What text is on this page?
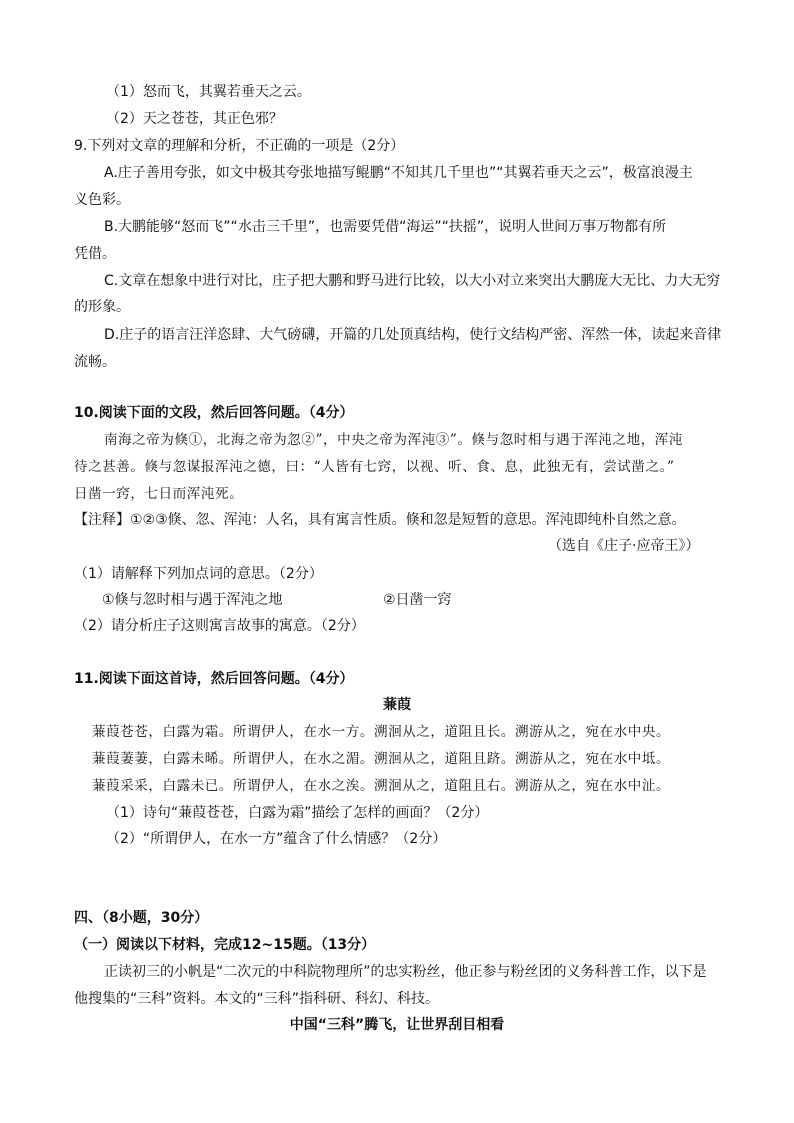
（1）怒而飞，其翼若垂天之云。
（2）天之苍苍，其正色邪？
9.下列对文章的理解和分析，不正确的一项是（2分）
A.庄子善用夸张，如文中极其夸张地描写鲲鹏“不知其几千里也”“其翼若垂天之云”，极富浪漫主
义色彩。
B.大鹏能够“怒而飞”“水击三千里”，也需要凭借“海运”“扶摇”，说明人世间万事万物都有所
凭借。
C.文章在想象中进行对比，庄子把大鹏和野马进行比较，以大小对立来突出大鹏庞大无比、力大无穷
的形象。
D.庄子的语言汪洋恣肆、大气磅礴，开篇的几处顶真结构，使行文结构严密、浑然一体，读起来音律
流畅。
10.阅读下面的文段，然后回答问题。（4分）
南海之帝为倏①，北海之帝为忽②”，中央之帝为浑沌③”。倏与忽时相与遇于浑沌之地，浑沌
待之甚善。倏与忽谋报浑沌之德，曰：“人皆有七窍，以视、听、食、息，此独无有，尝试凿之。”
日凿一窍，七日而浑沌死。
【注释】①②③倏、忽、浑沌：人名，具有寓言性质。倏和忽是短暂的意思。浑沌即纯朴自然之意。
（选自《庄子·应帝王》）
（1）请解释下列加点词的意思。（2分）
①倏与忽时相与遇于浑沌之地	②日凿一窍
（2）请分析庄子这则寓言故事的寓意。（2分）
11.阅读下面这首诗，然后回答问题。（4分）
蒹葭
蒹葭苍苍，白露为霜。所谓伊人，在水一方。溯洄从之，道阻且长。溯游从之，宛在水中央。
蒹葭萋萋，白露未晞。所谓伊人，在水之湄。溯洄从之，道阻且跻。溯游从之，宛在水中坻。
蒹葭采采，白露未已。所谓伊人，在水之涘。溯洄从之，道阻且右。溯游从之，宛在水中沚。
（1）诗句“蒹葭苍苍，白露为霜”描绘了怎样的画面？（2分）
（2）“所谓伊人，在水一方”蕴含了什么情感？（2分）
四、（8小题，30分）
（一）阅读以下材料，完成12~15题。（13分）
正读初三的小帆是“二次元的中科院物理所”的忠实粉丝，他正参与粉丝团的义务科普工作，以下是
他搜集的“三科”资料。本文的“三科”指科研、科幻、科技。
中国“三科”腾飞，让世界刮目相看
